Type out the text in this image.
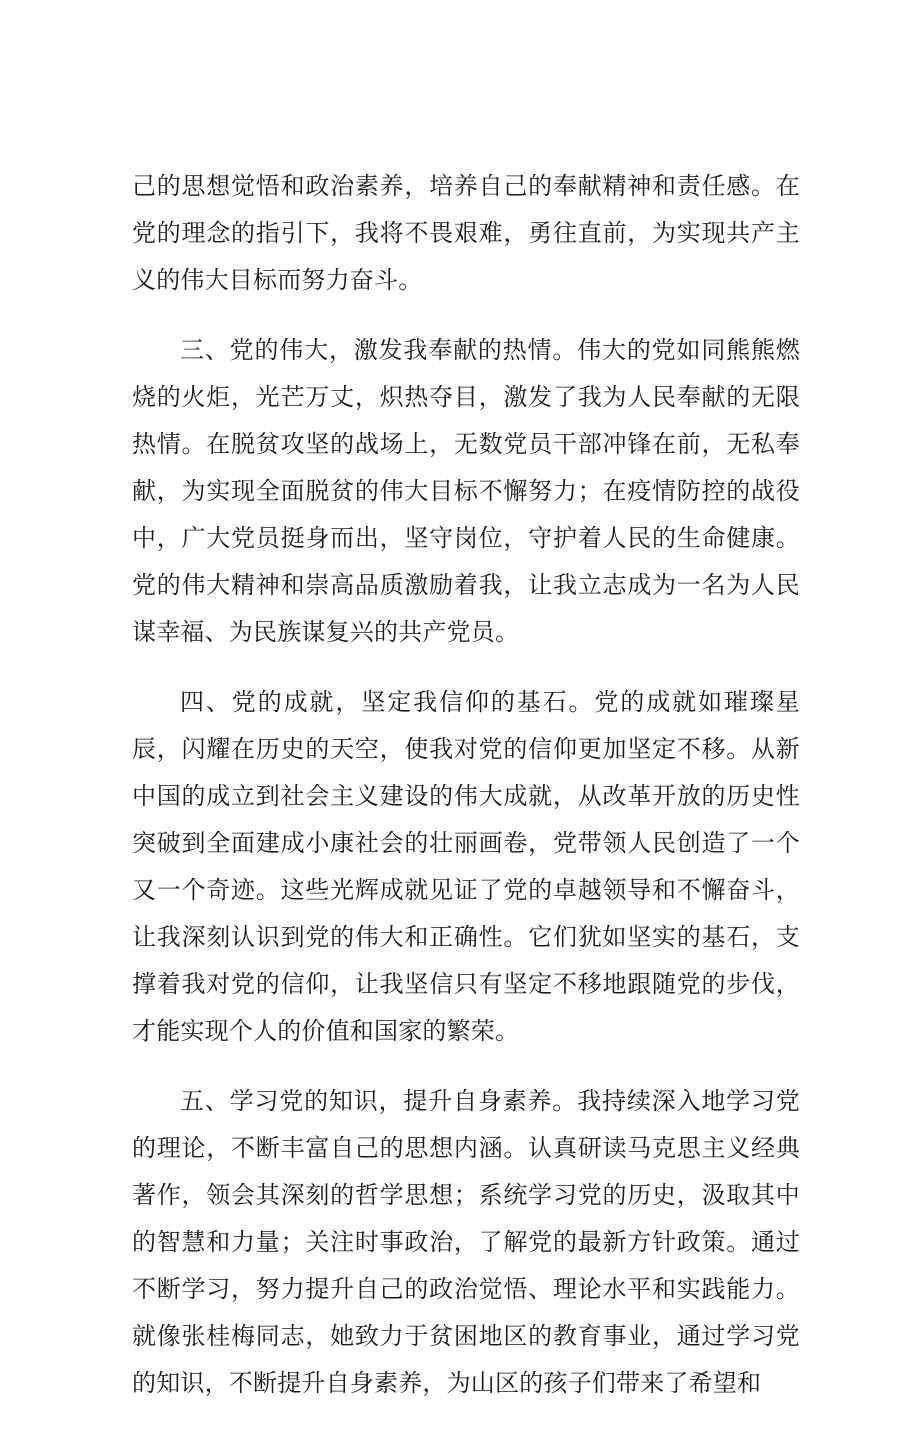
己的思想觉悟和政治素养，培养自己的奉献精神和责任感。在党的理念的指引下，我将不畏艰难，勇往直前，为实现共产主义的伟大目标而努力奋斗。

三、党的伟大，激发我奉献的热情。伟大的党如同熊熊燃烧的火炬，光芒万丈，炽热夺目，激发了我为人民奉献的无限热情。在脱贫攻坚的战场上，无数党员干部冲锋在前，无私奉献，为实现全面脱贫的伟大目标不懈努力；在疫情防控的战役中，广大党员挺身而出，坚守岗位，守护着人民的生命健康。党的伟大精神和崇高品质激励着我，让我立志成为一名为人民谋幸福、为民族谋复兴的共产党员。

四、党的成就，坚定我信仰的基石。党的成就如璀璨星辰，闪耀在历史的天空，使我对党的信仰更加坚定不移。从新中国的成立到社会主义建设的伟大成就，从改革开放的历史性突破到全面建成小康社会的壮丽画卷，党带领人民创造了一个又一个奇迹。这些光辉成就见证了党的卓越领导和不懈奋斗，让我深刻认识到党的伟大和正确性。它们犹如坚实的基石，支撑着我对党的信仰，让我坚信只有坚定不移地跟随党的步伐，才能实现个人的价值和国家的繁荣。

五、学习党的知识，提升自身素养。我持续深入地学习党的理论，不断丰富自己的思想内涵。认真研读马克思主义经典著作，领会其深刻的哲学思想；系统学习党的历史，汲取其中的智慧和力量；关注时事政治，了解党的最新方针政策。通过不断学习，努力提升自己的政治觉悟、理论水平和实践能力。就像张桂梅同志，她致力于贫困地区的教育事业，通过学习党的知识，不断提升自身素养，为山区的孩子们带来了希望和
